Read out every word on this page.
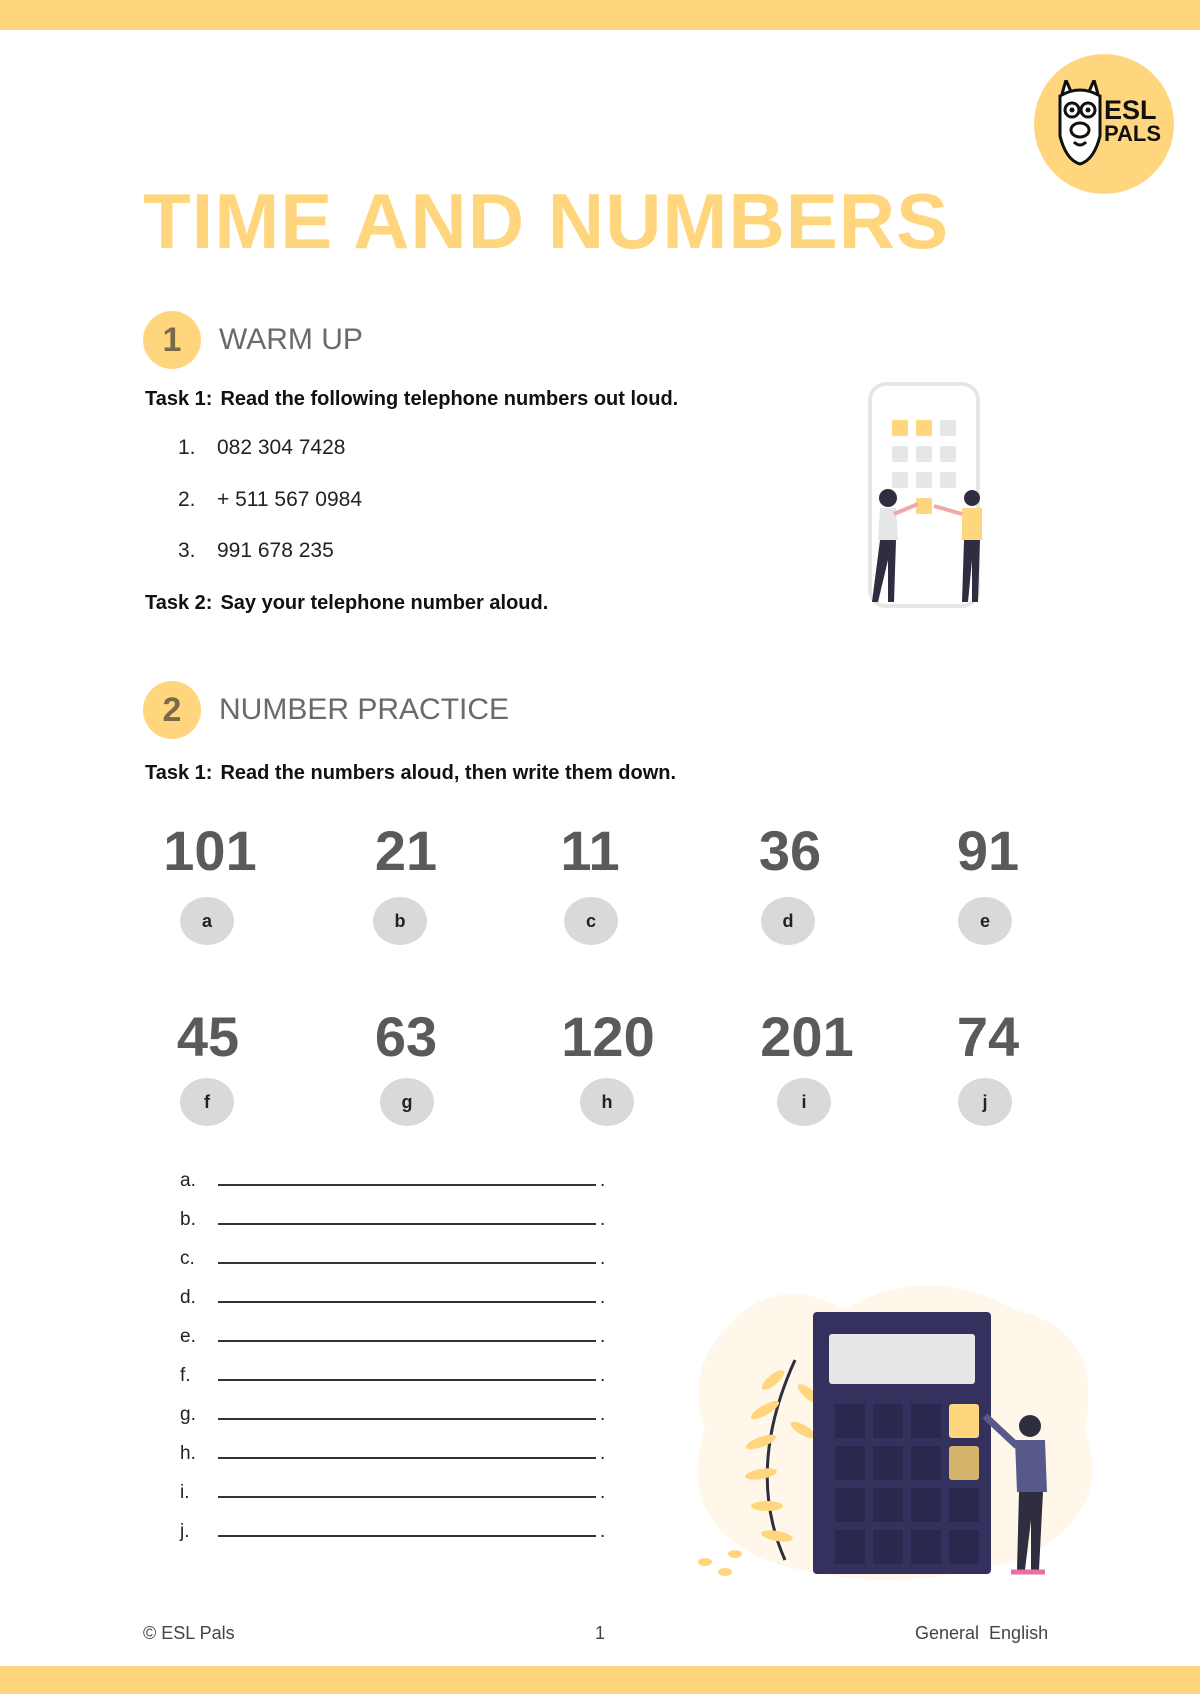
ESL
PALS
TIME AND NUMBERS
1	WARM UP
Task 1: Read the following telephone numbers out loud.
1. 082 304 7428
2. + 511 567 0984
3. 991 678 235
Task 2: Say your telephone number aloud.
2	NUMBER PRACTICE
Task 1: Read the numbers aloud, then write them down.
101
a
21
b
11
c
36
d
91
e
45
f
63
g
120
h
201
i
74
j
a.	.
b.	.
c.	.
d.	.
e.	.
f.	.
g.	.
h.	.
i.	.
j.	.
© ESL Pals	1	General  English
